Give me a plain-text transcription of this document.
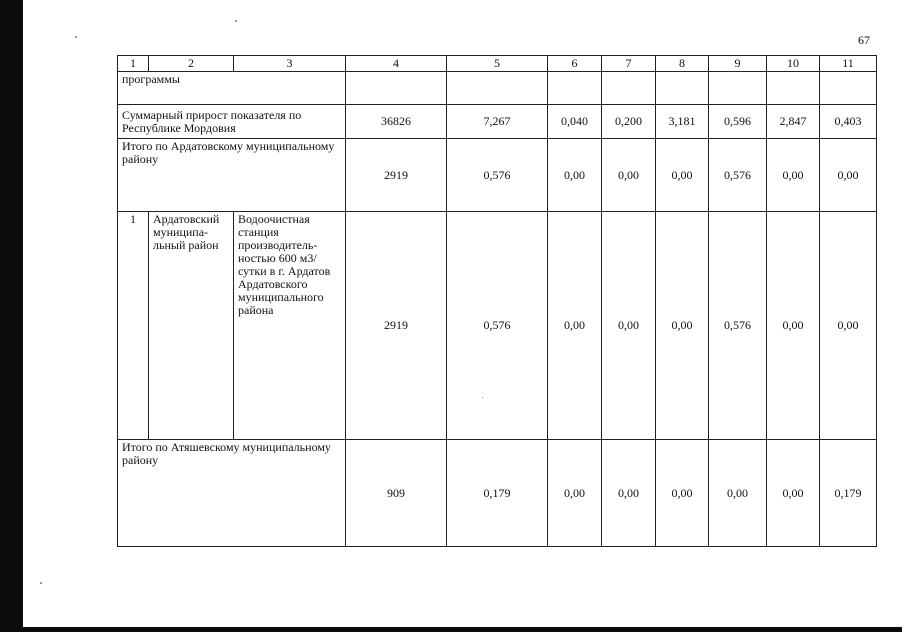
67
1	2	3	4	5	6	7	8	9	10	11
программы										
Суммарный прирост показателя по Республике Мордовия			36826	7,267	0,040	0,200	3,181	0,596	2,847	0,403
Итого по Ардатовскому муниципальному району			2919	0,576	0,00	0,00	0,00	0,576	0,00	0,00
1	Ардатовский муниципа-льный район	Водоочистная станция производитель-ностью 600 м3/сутки в г. Ардатов Ардатовского муниципального района	2919	0,576	0,00	0,00	0,00	0,576	0,00	0,00
Итого по Атяшевскому муниципальному району			909	0,179	0,00	0,00	0,00	0,00	0,00	0,179
